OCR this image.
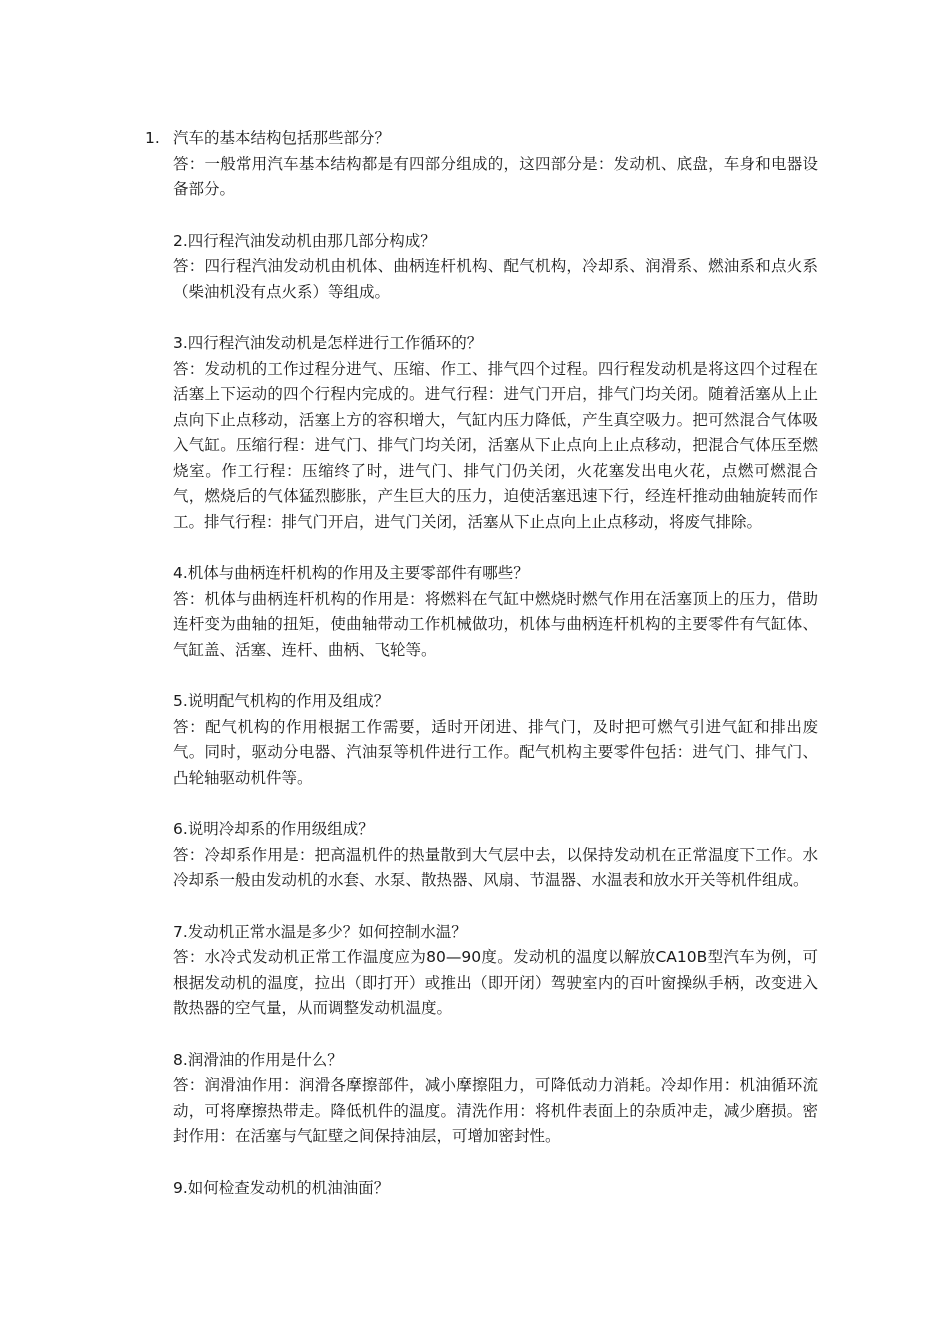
1. 汽车的基本结构包括那些部分？

答：一般常用汽车基本结构都是有四部分组成的，这四部分是：发动机、底盘，车身和电器设备部分。

2.四行程汽油发动机由那几部分构成？

答：四行程汽油发动机由机体、曲柄连杆机构、配气机构，冷却系、润滑系、燃油系和点火系（柴油机没有点火系）等组成。

3.四行程汽油发动机是怎样进行工作循环的？

答：发动机的工作过程分进气、压缩、作工、排气四个过程。四行程发动机是将这四个过程在活塞上下运动的四个行程内完成的。进气行程：进气门开启，排气门均关闭。随着活塞从上止点向下止点移动，活塞上方的容积增大，气缸内压力降低，产生真空吸力。把可然混合气体吸入气缸。压缩行程：进气门、排气门均关闭，活塞从下止点向上止点移动，把混合气体压至燃烧室。作工行程：压缩终了时，进气门、排气门仍关闭，火花塞发出电火花，点燃可燃混合气，燃烧后的气体猛烈膨胀，产生巨大的压力，迫使活塞迅速下行，经连杆推动曲轴旋转而作工。排气行程：排气门开启，进气门关闭，活塞从下止点向上止点移动，将废气排除。

4.机体与曲柄连杆机构的作用及主要零部件有哪些？

答：机体与曲柄连杆机构的作用是：将燃料在气缸中燃烧时燃气作用在活塞顶上的压力，借助连杆变为曲轴的扭矩，使曲轴带动工作机械做功，机体与曲柄连杆机构的主要零件有气缸体、气缸盖、活塞、连杆、曲柄、飞轮等。

5.说明配气机构的作用及组成？

答：配气机构的作用根据工作需要，适时开闭进、排气门，及时把可燃气引进气缸和排出废气。同时，驱动分电器、汽油泵等机件进行工作。配气机构主要零件包括：进气门、排气门、凸轮轴驱动机件等。

6.说明冷却系的作用级组成？

答：冷却系作用是：把高温机件的热量散到大气层中去，以保持发动机在正常温度下工作。水冷却系一般由发动机的水套、水泵、散热器、风扇、节温器、水温表和放水开关等机件组成。

7.发动机正常水温是多少？如何控制水温？

答：水冷式发动机正常工作温度应为80—90度。发动机的温度以解放CA10B型汽车为例，可根据发动机的温度，拉出（即打开）或推出（即开闭）驾驶室内的百叶窗操纵手柄，改变进入散热器的空气量，从而调整发动机温度。

8.润滑油的作用是什么？

答：润滑油作用：润滑各摩擦部件，减小摩擦阻力，可降低动力消耗。冷却作用：机油循环流动，可将摩擦热带走。降低机件的温度。清洗作用：将机件表面上的杂质冲走，减少磨损。密封作用：在活塞与气缸壁之间保持油层，可增加密封性。

9.如何检查发动机的机油油面？
